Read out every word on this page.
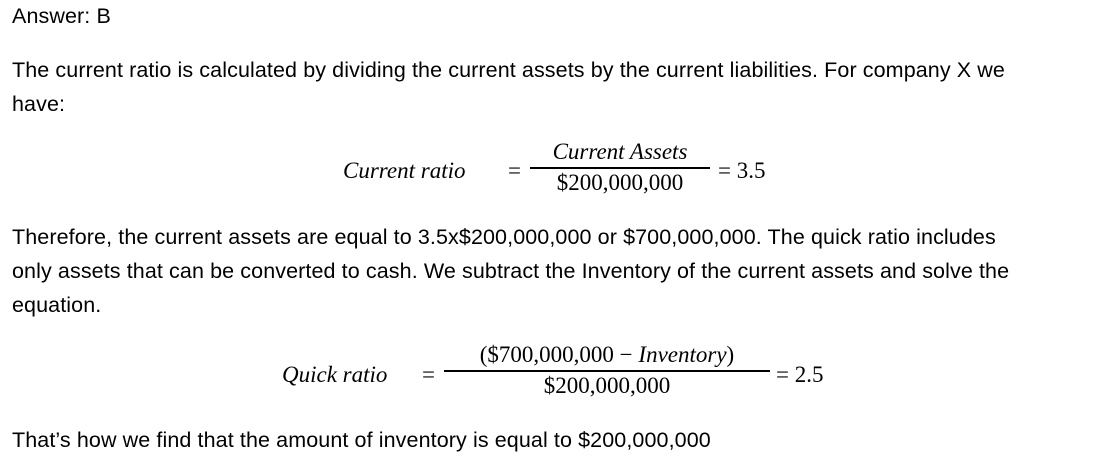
Answer: B
The current ratio is calculated by dividing the current assets by the current liabilities. For company X we
have:
Current ratio =
Current Assets
$200,000,000 = 3.5
Therefore, the current assets are equal to 3.5x$200,000,000 or $700,000,000. The quick ratio includes
only assets that can be converted to cash. We subtract the Inventory of the current assets and solve the
equation.
Quick ratio =
($700,000,000 − Inventory)
$200,000,000	= 2.5
That’s how we find that the amount of inventory is equal to $200,000,000
